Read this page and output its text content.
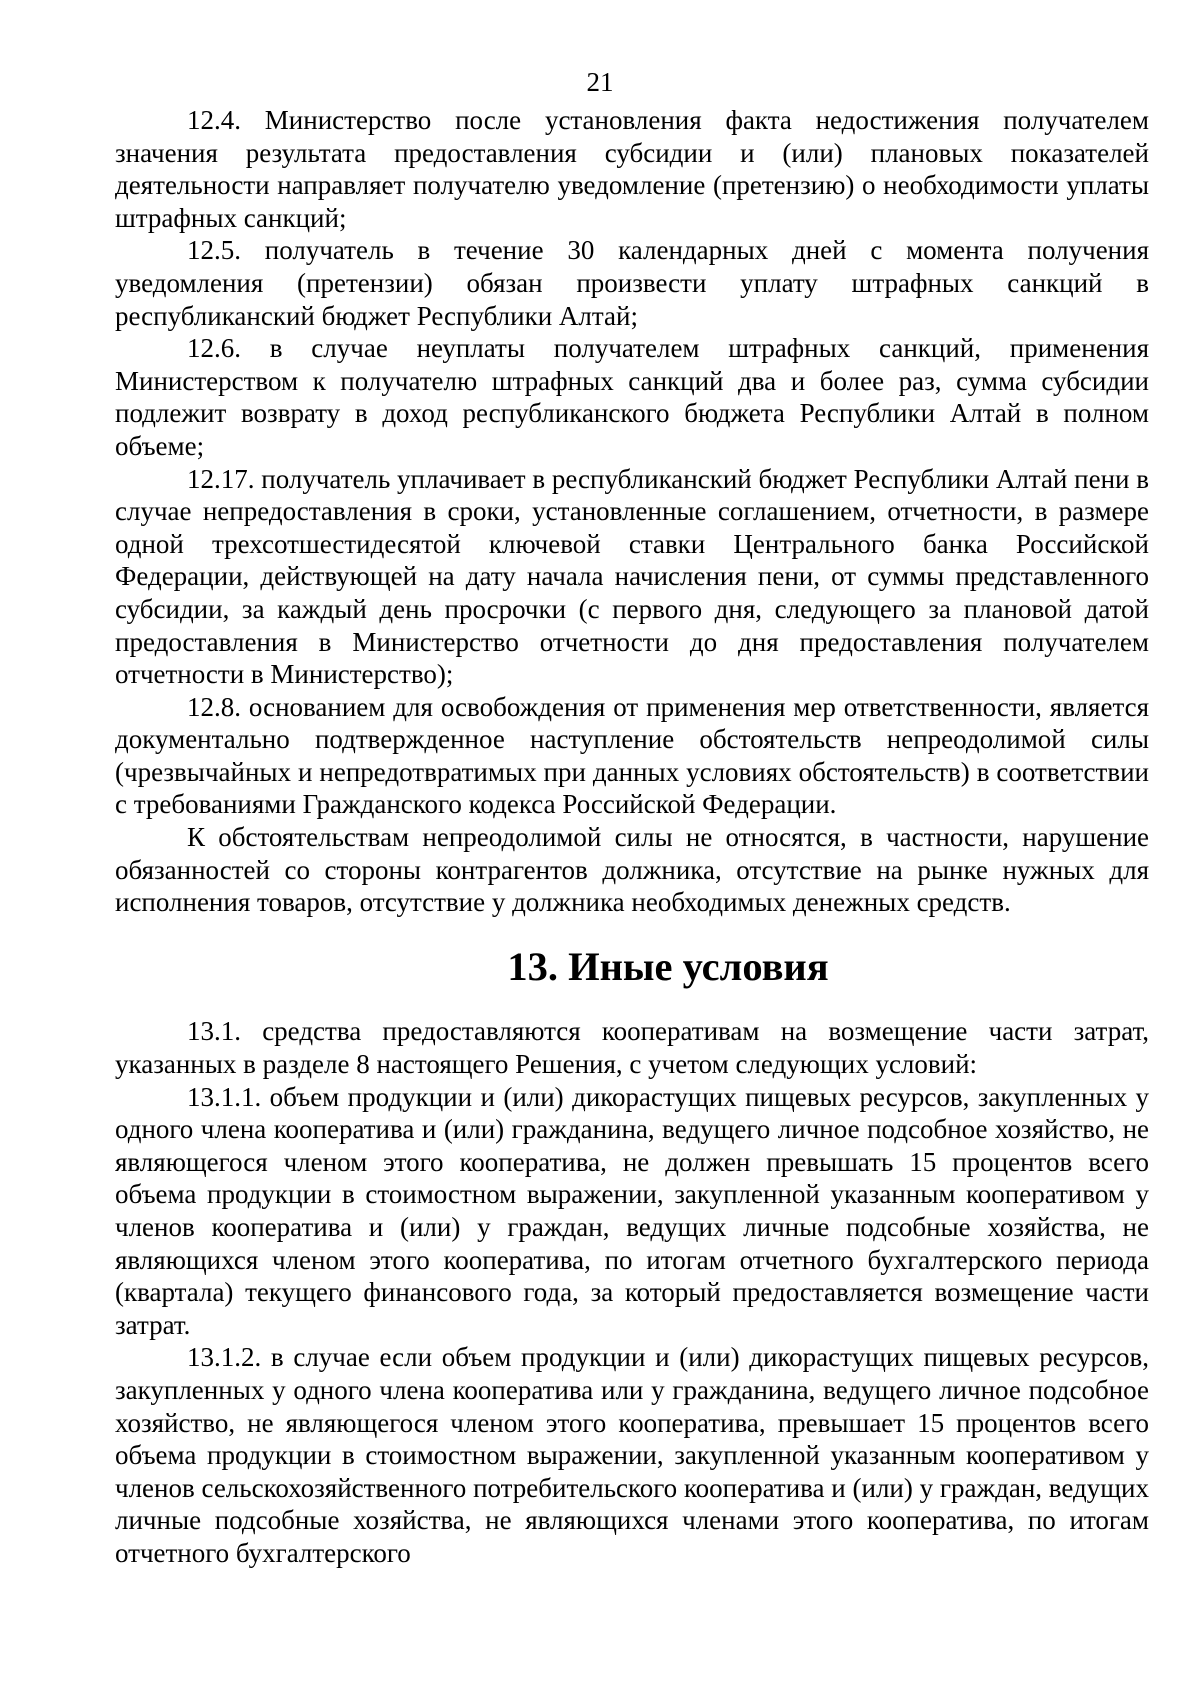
21

12.4. Министерство после установления факта недостижения получателем значения результата предоставления субсидии и (или) плановых показателей деятельности направляет получателю уведомление (претензию) о необходимости уплаты штрафных санкций;

12.5. получатель в течение 30 календарных дней с момента получения уведомления (претензии) обязан произвести уплату штрафных санкций в республиканский бюджет Республики Алтай;

12.6. в случае неуплаты получателем штрафных санкций, применения Министерством к получателю штрафных санкций два и более раз, сумма субсидии подлежит возврату в доход республиканского бюджета Республики Алтай в полном объеме;

12.17. получатель уплачивает в республиканский бюджет Республики Алтай пени в случае непредоставления в сроки, установленные соглашением, отчетности, в размере одной трехсотшестидесятой ключевой ставки Центрального банка Российской Федерации, действующей на дату начала начисления пени, от суммы представленного субсидии, за каждый день просрочки (с первого дня, следующего за плановой датой предоставления в Министерство отчетности до дня предоставления получателем отчетности в Министерство);

12.8. основанием для освобождения от применения мер ответственности, является документально подтвержденное наступление обстоятельств непреодолимой силы (чрезвычайных и непредотвратимых при данных условиях обстоятельств) в соответствии с требованиями Гражданского кодекса Российской Федерации.

К обстоятельствам непреодолимой силы не относятся, в частности, нарушение обязанностей со стороны контрагентов должника, отсутствие на рынке нужных для исполнения товаров, отсутствие у должника необходимых денежных средств.

13. Иные условия

13.1. средства предоставляются кооперативам на возмещение части затрат, указанных в разделе 8 настоящего Решения, с учетом следующих условий:

13.1.1. объем продукции и (или) дикорастущих пищевых ресурсов, закупленных у одного члена кооператива и (или) гражданина, ведущего личное подсобное хозяйство, не являющегося членом этого кооператива, не должен превышать 15 процентов всего объема продукции в стоимостном выражении, закупленной указанным кооперативом у членов кооператива и (или) у граждан, ведущих личные подсобные хозяйства, не являющихся членом этого кооператива, по итогам отчетного бухгалтерского периода (квартала) текущего финансового года, за который предоставляется возмещение части затрат.

13.1.2. в случае если объем продукции и (или) дикорастущих пищевых ресурсов, закупленных у одного члена кооператива или у гражданина, ведущего личное подсобное хозяйство, не являющегося членом этого кооператива, превышает 15 процентов всего объема продукции в стоимостном выражении, закупленной указанным кооперативом у членов сельскохозяйственного потребительского кооператива и (или) у граждан, ведущих личные подсобные хозяйства, не являющихся членами этого кооператива, по итогам отчетного бухгалтерского
